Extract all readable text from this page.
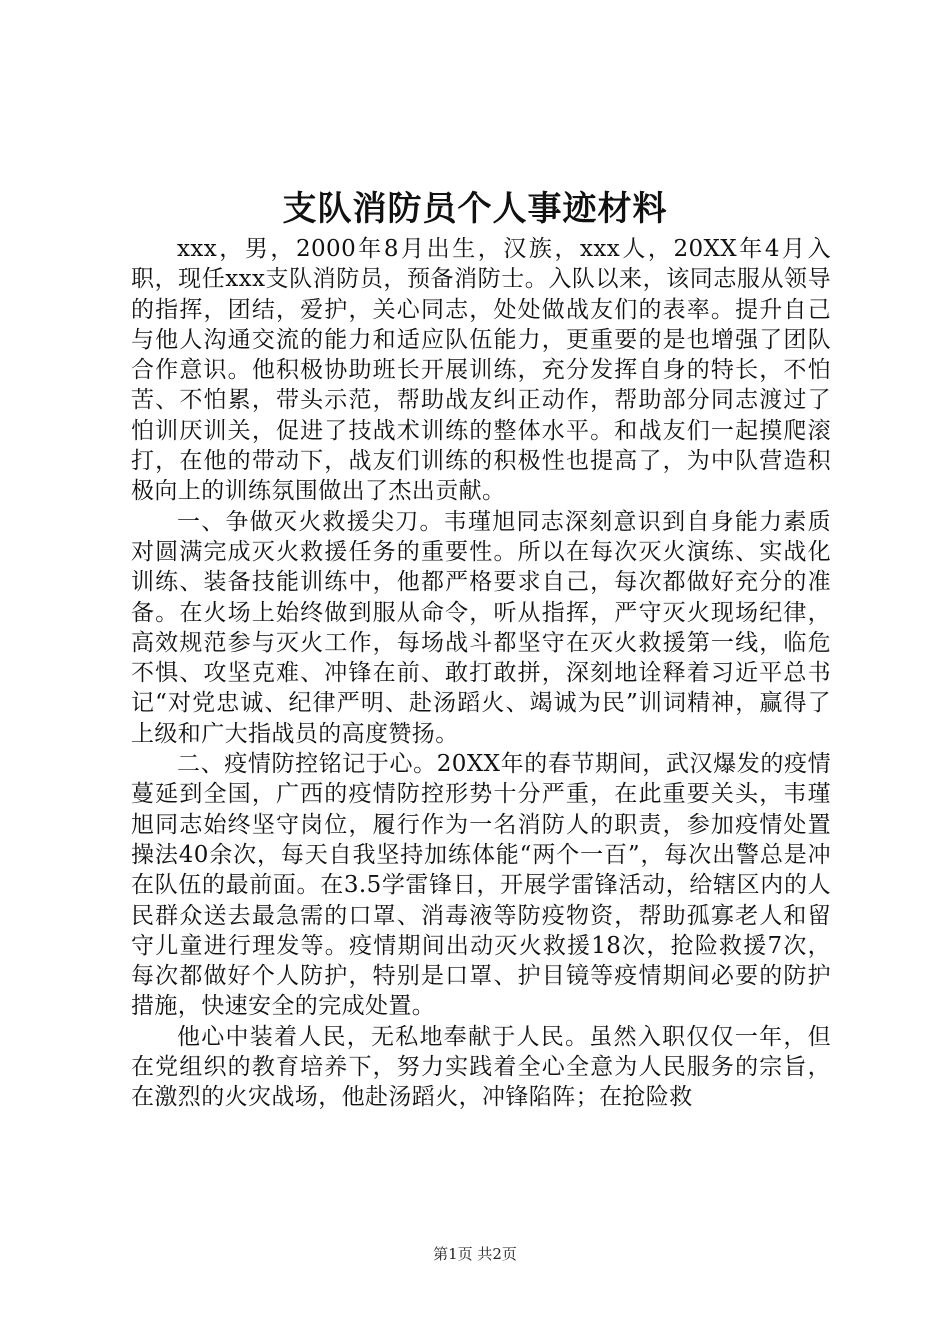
支队消防员个人事迹材料

xxx，男，2000年8月出生，汉族，xxx人，20XX年4月入职，现任xxx支队消防员，预备消防士。入队以来，该同志服从领导的指挥，团结，爱护，关心同志，处处做战友们的表率。提升自己与他人沟通交流的能力和适应队伍能力，更重要的是也增强了团队合作意识。他积极协助班长开展训练，充分发挥自身的特长，不怕苦、不怕累，带头示范，帮助战友纠正动作，帮助部分同志渡过了怕训厌训关，促进了技战术训练的整体水平。和战友们一起摸爬滚打，在他的带动下，战友们训练的积极性也提高了，为中队营造积极向上的训练氛围做出了杰出贡献。

一、争做灭火救援尖刀。韦瑾旭同志深刻意识到自身能力素质对圆满完成灭火救援任务的重要性。所以在每次灭火演练、实战化训练、装备技能训练中，他都严格要求自己，每次都做好充分的准备。在火场上始终做到服从命令，听从指挥，严守灭火现场纪律，高效规范参与灭火工作，每场战斗都坚守在灭火救援第一线，临危不惧、攻坚克难、冲锋在前、敢打敢拼，深刻地诠释着习近平总书记“对党忠诚、纪律严明、赴汤蹈火、竭诚为民”训词精神，赢得了上级和广大指战员的高度赞扬。

二、疫情防控铭记于心。20XX年的春节期间，武汉爆发的疫情蔓延到全国，广西的疫情防控形势十分严重，在此重要关头，韦瑾旭同志始终坚守岗位，履行作为一名消防人的职责，参加疫情处置操法40余次，每天自我坚持加练体能“两个一百”，每次出警总是冲在队伍的最前面。在3.5学雷锋日，开展学雷锋活动，给辖区内的人民群众送去最急需的口罩、消毒液等防疫物资，帮助孤寡老人和留守儿童进行理发等。疫情期间出动灭火救援18次，抢险救援7次，每次都做好个人防护，特别是口罩、护目镜等疫情期间必要的防护措施，快速安全的完成处置。

他心中装着人民，无私地奉献于人民。虽然入职仅仅一年，但在党组织的教育培养下，努力实践着全心全意为人民服务的宗旨，在激烈的火灾战场，他赴汤蹈火，冲锋陷阵；在抢险救

第1页 共2页
